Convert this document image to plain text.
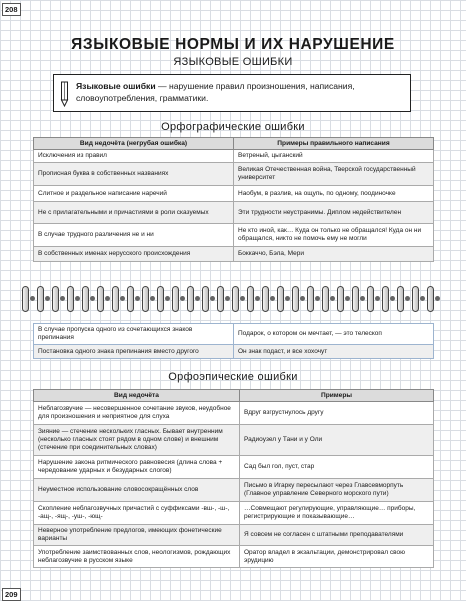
208
ЯЗЫКОВЫЕ НОРМЫ И ИХ НАРУШЕНИЕ
ЯЗЫКОВЫЕ ОШИБКИ
Языковые ошибки — нарушение правил произношения, написания, словоупотребления, грамматики.
Орфографические ошибки
Вид недочёта (негрубая ошибка)	Примеры правильного написания
Исключения из правил	Ветреный, цыганский
Прописная буква в собственных названиях	Великая Отечественная война, Тверской государственный университет
Слитное и раздельное написание наречий	Наобум, в разлив, на ощупь, по одному, поодиночке
Не с прилагательными и причастиями в роли сказуемых	Эти трудности неустранимы. Диплом недействителен
В случае трудного различения не и ни	Не кто иной, как… Куда он только не обращался! Куда он ни обращался, никто не помочь ему не могли
В собственных именах нерусского происхождения	Боккаччо, Бэла, Мери
В случае пропуска одного из сочетающихся знаков препинания	Подарок, о котором он мечтает, — это телескоп
Постановка одного знака препинания вместо другого	Он знак подаст, и все хохочут
Орфоэпические ошибки
Вид недочёта	Примеры
Неблагозвучие — несовершенное сочетание звуков, неудобное для произношения и неприятное для слуха	Вдруг взгрустнулось другу
Зияние — стечение нескольких гласных. Бывает внутренним (несколько гласных стоят рядом в одном слове) и внешним (стечение при соединительных словах)	Радиоузел у Тани и у Оли
Нарушение закона ритмического равновесия (длина слова + чередование ударных и безударных слогов)	Сад был гол, пуст, стар
Неуместное использование словосокращённых слов	Письмо в Игарку пересылают через Главсевморпуть (Главное управление Северного морского пути)
Скопление неблагозвучных причастий с суффиксами -вш-, -ш-, -ащ-, -ящ-, -уш-, -ющ-	…Совмещают регулирующие, управляющие… приборы, регистрирующие и показывающие…
Неверное употребление предлогов, имеющих фонетические варианты	Я совсем не согласен с штатными преподавателями
Употребление заимствованных слов, неологизмов, рождающих неблагозвучие в русском языке	Оратор владел в экзальтации, демонстрировал свою эрудицию
209
